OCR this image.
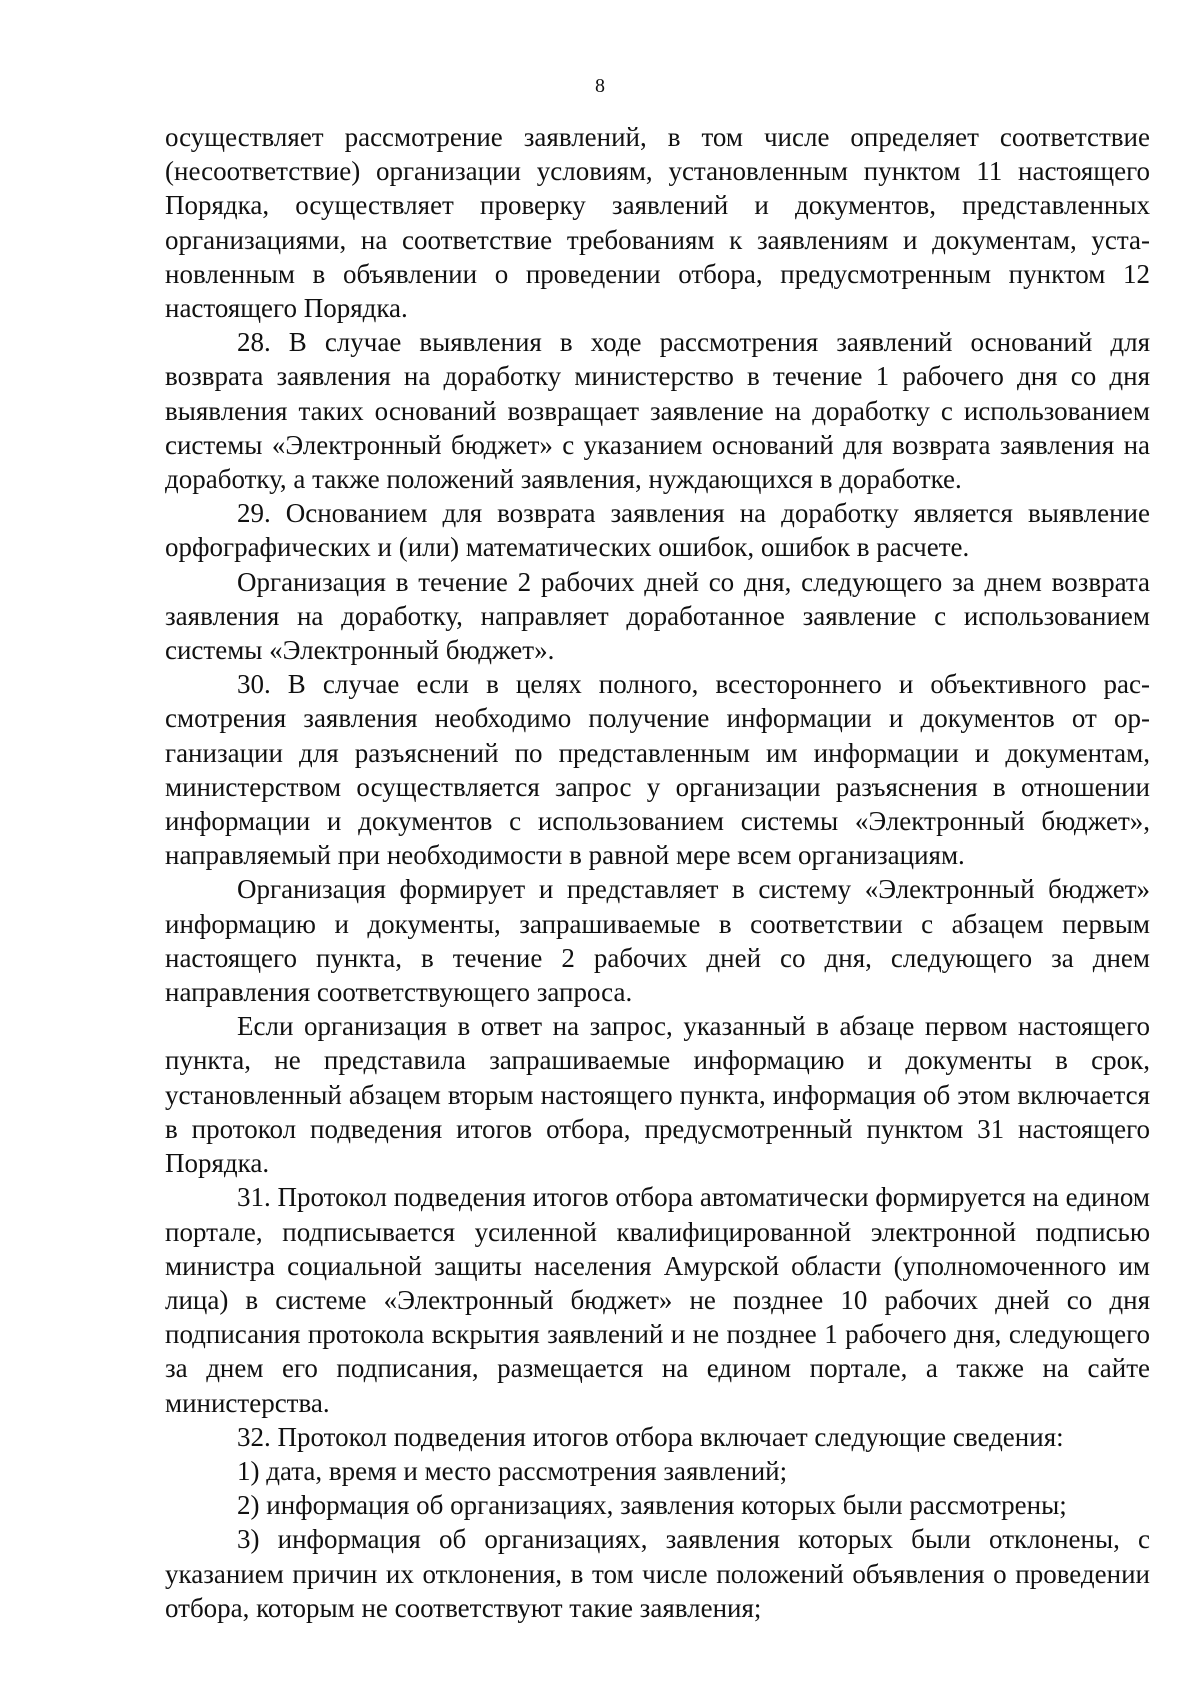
8

осуществляет рассмотрение заявлений, в том числе определяет соответствие (несоответствие) организации условиям, установленным пунктом 11 настоящего Порядка, осуществляет проверку заявлений и документов, представленных организациями, на соответствие требованиям к заявлениям и документам, установленным в объявлении о проведении отбора, предусмотренным пунктом 12 настоящего Порядка.

28. В случае выявления в ходе рассмотрения заявлений оснований для возврата заявления на доработку министерство в течение 1 рабочего дня со дня выявления таких оснований возвращает заявление на доработку с использованием системы «Электронный бюджет» с указанием оснований для возврата заявления на доработку, а также положений заявления, нуждающихся в доработке.

29. Основанием для возврата заявления на доработку является выявление орфографических и (или) математических ошибок, ошибок в расчете.

Организация в течение 2 рабочих дней со дня, следующего за днем возврата заявления на доработку, направляет доработанное заявление с использованием системы «Электронный бюджет».

30. В случае если в целях полного, всестороннего и объективного рассмотрения заявления необходимо получение информации и документов от организации для разъяснений по представленным им информации и документам, министерством осуществляется запрос у организации разъяснения в отношении информации и документов с использованием системы «Электронный бюджет», направляемый при необходимости в равной мере всем организациям.

Организация формирует и представляет в систему «Электронный бюджет» информацию и документы, запрашиваемые в соответствии с абзацем первым настоящего пункта, в течение 2 рабочих дней со дня, следующего за днем направления соответствующего запроса.

Если организация в ответ на запрос, указанный в абзаце первом настоящего пункта, не представила запрашиваемые информацию и документы в срок, установленный абзацем вторым настоящего пункта, информация об этом включается в протокол подведения итогов отбора, предусмотренный пунктом 31 настоящего Порядка.

31. Протокол подведения итогов отбора автоматически формируется на едином портале, подписывается усиленной квалифицированной электронной подписью министра социальной защиты населения Амурской области (уполномоченного им лица) в системе «Электронный бюджет» не позднее 10 рабочих дней со дня подписания протокола вскрытия заявлений и не позднее 1 рабочего дня, следующего за днем его подписания, размещается на едином портале, а также на сайте министерства.

32. Протокол подведения итогов отбора включает следующие сведения:

1) дата, время и место рассмотрения заявлений;

2) информация об организациях, заявления которых были рассмотрены;

3) информация об организациях, заявления которых были отклонены, с указанием причин их отклонения, в том числе положений объявления о проведении отбора, которым не соответствуют такие заявления;
